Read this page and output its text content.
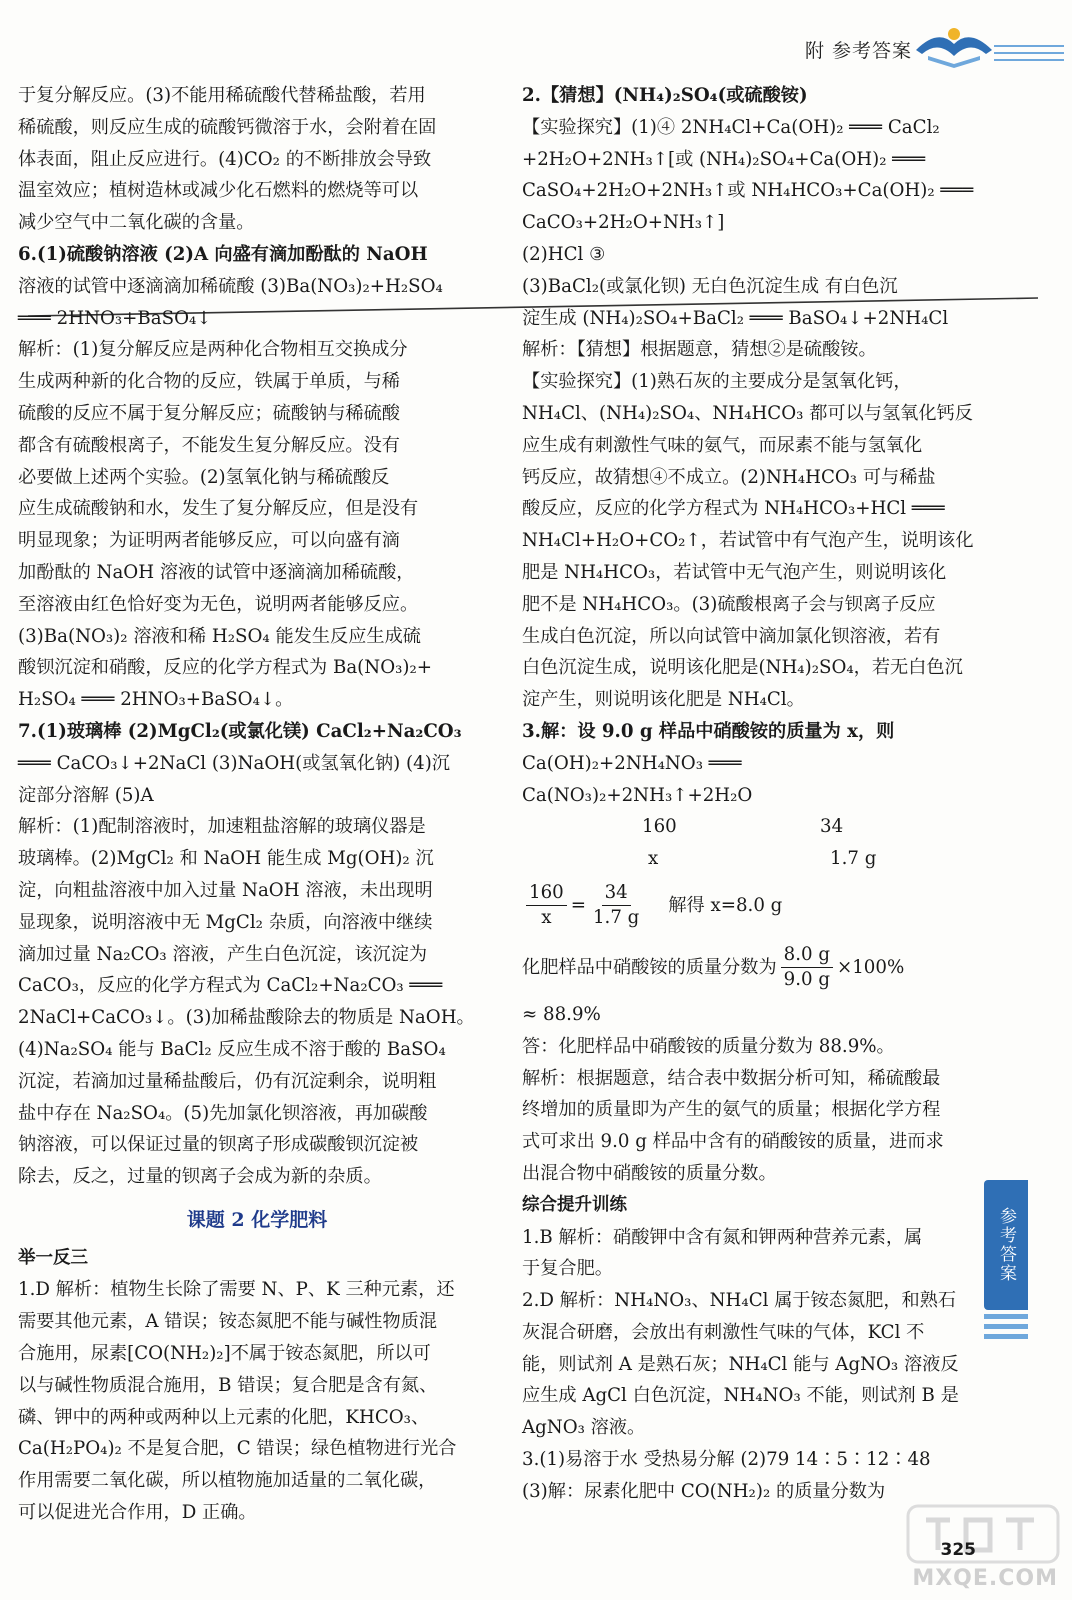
附 参考答案

于复分解反应。(3)不能用稀硫酸代替稀盐酸，若用

稀硫酸，则反应生成的硫酸钙微溶于水，会附着在固

体表面，阻止反应进行。(4)CO₂ 的不断排放会导致

温室效应；植树造林或减少化石燃料的燃烧等可以

减少空气中二氧化碳的含量。

6.(1)硫酸钠溶液 (2)A 向盛有滴加酚酞的 NaOH

溶液的试管中逐滴滴加稀硫酸 (3)Ba(NO₃)₂+H₂SO₄

═══ 2HNO₃+BaSO₄↓

解析：(1)复分解反应是两种化合物相互交换成分

生成两种新的化合物的反应，铁属于单质，与稀

硫酸的反应不属于复分解反应；硫酸钠与稀硫酸

都含有硫酸根离子，不能发生复分解反应。没有

必要做上述两个实验。(2)氢氧化钠与稀硫酸反

应生成硫酸钠和水，发生了复分解反应，但是没有

明显现象；为证明两者能够反应，可以向盛有滴

加酚酞的 NaOH 溶液的试管中逐滴滴加稀硫酸，

至溶液由红色恰好变为无色，说明两者能够反应。

(3)Ba(NO₃)₂ 溶液和稀 H₂SO₄ 能发生反应生成硫

酸钡沉淀和硝酸，反应的化学方程式为 Ba(NO₃)₂+

H₂SO₄ ═══ 2HNO₃+BaSO₄↓。

7.(1)玻璃棒 (2)MgCl₂(或氯化镁) CaCl₂+Na₂CO₃

═══ CaCO₃↓+2NaCl (3)NaOH(或氢氧化钠) (4)沉

淀部分溶解 (5)A

解析：(1)配制溶液时，加速粗盐溶解的玻璃仪器是

玻璃棒。(2)MgCl₂ 和 NaOH 能生成 Mg(OH)₂ 沉

淀，向粗盐溶液中加入过量 NaOH 溶液，未出现明

显现象，说明溶液中无 MgCl₂ 杂质，向溶液中继续

滴加过量 Na₂CO₃ 溶液，产生白色沉淀，该沉淀为

CaCO₃，反应的化学方程式为 CaCl₂+Na₂CO₃ ═══

2NaCl+CaCO₃↓。(3)加稀盐酸除去的物质是 NaOH。

(4)Na₂SO₄ 能与 BaCl₂ 反应生成不溶于酸的 BaSO₄

沉淀，若滴加过量稀盐酸后，仍有沉淀剩余，说明粗

盐中存在 Na₂SO₄。(5)先加氯化钡溶液，再加碳酸

钠溶液，可以保证过量的钡离子形成碳酸钡沉淀被

除去，反之，过量的钡离子会成为新的杂质。

课题 2 化学肥料

举一反三

1.D 解析：植物生长除了需要 N、P、K 三种元素，还

需要其他元素，A 错误；铵态氮肥不能与碱性物质混

合施用，尿素[CO(NH₂)₂]不属于铵态氮肥，所以可

以与碱性物质混合施用，B 错误；复合肥是含有氮、

磷、钾中的两种或两种以上元素的化肥，KHCO₃、

Ca(H₂PO₄)₂ 不是复合肥，C 错误；绿色植物进行光合

作用需要二氧化碳，所以植物施加适量的二氧化碳，

可以促进光合作用，D 正确。

2.【猜想】(NH₄)₂SO₄(或硫酸铵)

【实验探究】(1)④ 2NH₄Cl+Ca(OH)₂ ═══ CaCl₂

+2H₂O+2NH₃↑[或 (NH₄)₂SO₄+Ca(OH)₂ ═══

CaSO₄+2H₂O+2NH₃↑或 NH₄HCO₃+Ca(OH)₂ ═══

CaCO₃+2H₂O+NH₃↑]

(2)HCl ③

(3)BaCl₂(或氯化钡) 无白色沉淀生成 有白色沉

淀生成 (NH₄)₂SO₄+BaCl₂ ═══ BaSO₄↓+2NH₄Cl

解析：【猜想】根据题意，猜想②是硫酸铵。

【实验探究】(1)熟石灰的主要成分是氢氧化钙，

NH₄Cl、(NH₄)₂SO₄、NH₄HCO₃ 都可以与氢氧化钙反

应生成有刺激性气味的氨气，而尿素不能与氢氧化

钙反应，故猜想④不成立。(2)NH₄HCO₃ 可与稀盐

酸反应，反应的化学方程式为 NH₄HCO₃+HCl ═══

NH₄Cl+H₂O+CO₂↑，若试管中有气泡产生，说明该化

肥是 NH₄HCO₃，若试管中无气泡产生，则说明该化

肥不是 NH₄HCO₃。(3)硫酸根离子会与钡离子反应

生成白色沉淀，所以向试管中滴加氯化钡溶液，若有

白色沉淀生成，说明该化肥是(NH₄)₂SO₄，若无白色沉

淀产生，则说明该化肥是 NH₄Cl。

3.解：设 9.0 g 样品中硝酸铵的质量为 x，则

Ca(OH)₂+2NH₄NO₃ ═══ Ca(NO₃)₂+2NH₃↑+2H₂O

160	34
x	1.7 g
$\frac{160}{x} = \frac{34}{1.7 g}$ 解得 x=8.0 g
化肥样品中硝酸铵的质量分数为 $\frac{8.0 g}{9.0 g} \times 100\%$

≈ 88.9%

答：化肥样品中硝酸铵的质量分数为 88.9%。

解析：根据题意，结合表中数据分析可知，稀硫酸最

终增加的质量即为产生的氨气的质量；根据化学方程

式可求出 9.0 g 样品中含有的硝酸铵的质量，进而求

出混合物中硝酸铵的质量分数。

综合提升训练

1.B 解析：硝酸钾中含有氮和钾两种营养元素，属

于复合肥。

2.D 解析：NH₄NO₃、NH₄Cl 属于铵态氮肥，和熟石

灰混合研磨，会放出有刺激性气味的气体，KCl 不

能，则试剂 A 是熟石灰；NH₄Cl 能与 AgNO₃ 溶液反

应生成 AgCl 白色沉淀，NH₄NO₃ 不能，则试剂 B 是

AgNO₃ 溶液。

3.(1)易溶于水 受热易分解 (2)79 14∶5∶12∶48

(3)解：尿素化肥中 CO(NH₂)₂ 的质量分数为

参考答案
325
MXQE.COM
